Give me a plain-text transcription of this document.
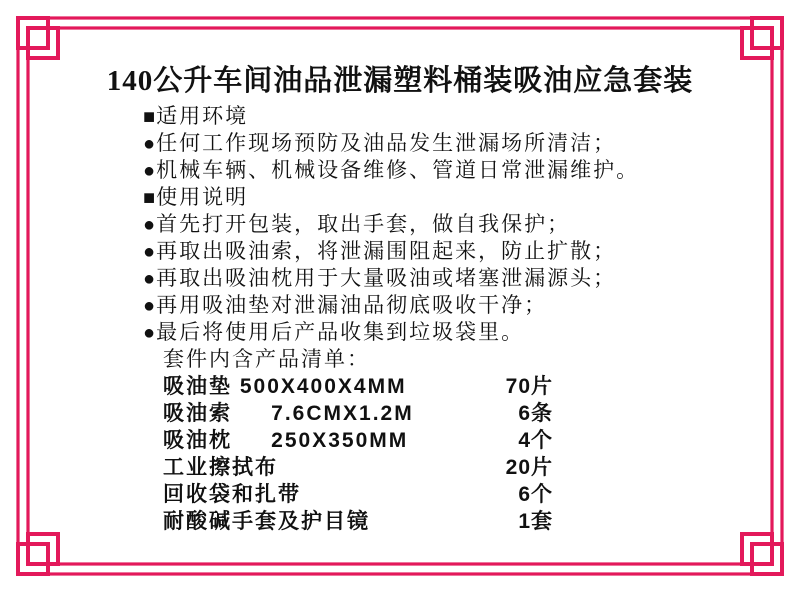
140公升车间油品泄漏塑料桶装吸油应急套装
■适用环境
●任何工作现场预防及油品发生泄漏场所清洁；
●机械车辆、机械设备维修、管道日常泄漏维护。
■使用说明
●首先打开包装，取出手套，做自我保护；
●再取出吸油索，将泄漏围阻起来，防止扩散；
●再取出吸油枕用于大量吸油或堵塞泄漏源头；
●再用吸油垫对泄漏油品彻底吸收干净；
●最后将使用后产品收集到垃圾袋里。
套件内含产品清单：
吸油垫 500X400X4MM	70片
吸油索     7.6CMX1.2M	6条
吸油枕     250X350MM	4个
工业擦拭布	20片
回收袋和扎带	6个
耐酸碱手套及护目镜	1套
